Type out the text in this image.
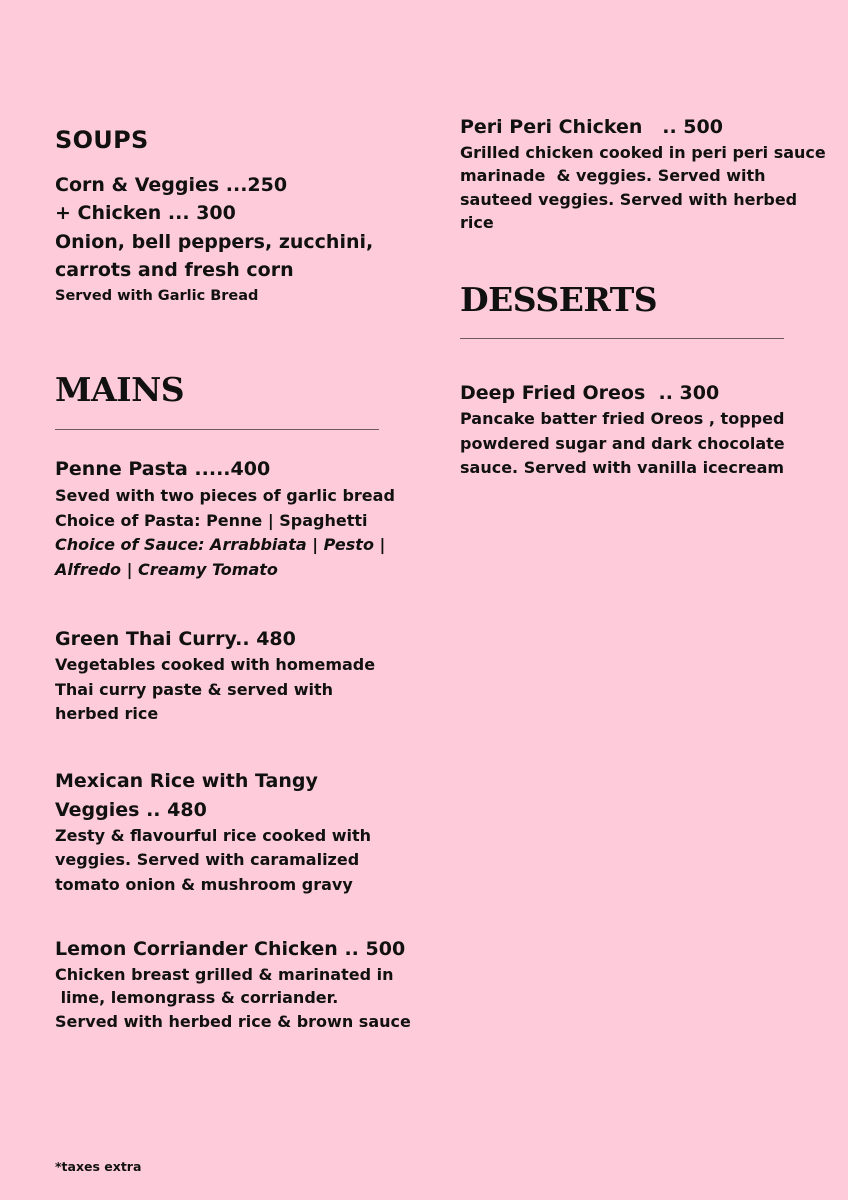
SOUPS
Corn & Veggies ...250
+ Chicken ... 300
Onion, bell peppers, zucchini,
carrots and fresh corn
Served with Garlic Bread
MAINS
Penne Pasta .....400
Seved with two pieces of garlic bread
Choice of Pasta: Penne | Spaghetti
Choice of Sauce: Arrabbiata | Pesto |
Alfredo | Creamy Tomato
Green Thai Curry.. 480
Vegetables cooked with homemade
Thai curry paste & served with
herbed rice
Mexican Rice with Tangy
Veggies .. 480
Zesty & flavourful rice cooked with
veggies. Served with caramalized
tomato onion & mushroom gravy
Lemon Corriander Chicken .. 500
Chicken breast grilled & marinated in
lime, lemongrass & corriander.
Served with herbed rice & brown sauce
Peri Peri Chicken   .. 500
Grilled chicken cooked in peri peri sauce
marinade  & veggies. Served with
sauteed veggies. Served with herbed
rice
DESSERTS
Deep Fried Oreos  .. 300
Pancake batter fried Oreos , topped
powdered sugar and dark chocolate
sauce. Served with vanilla icecream
*taxes extra
